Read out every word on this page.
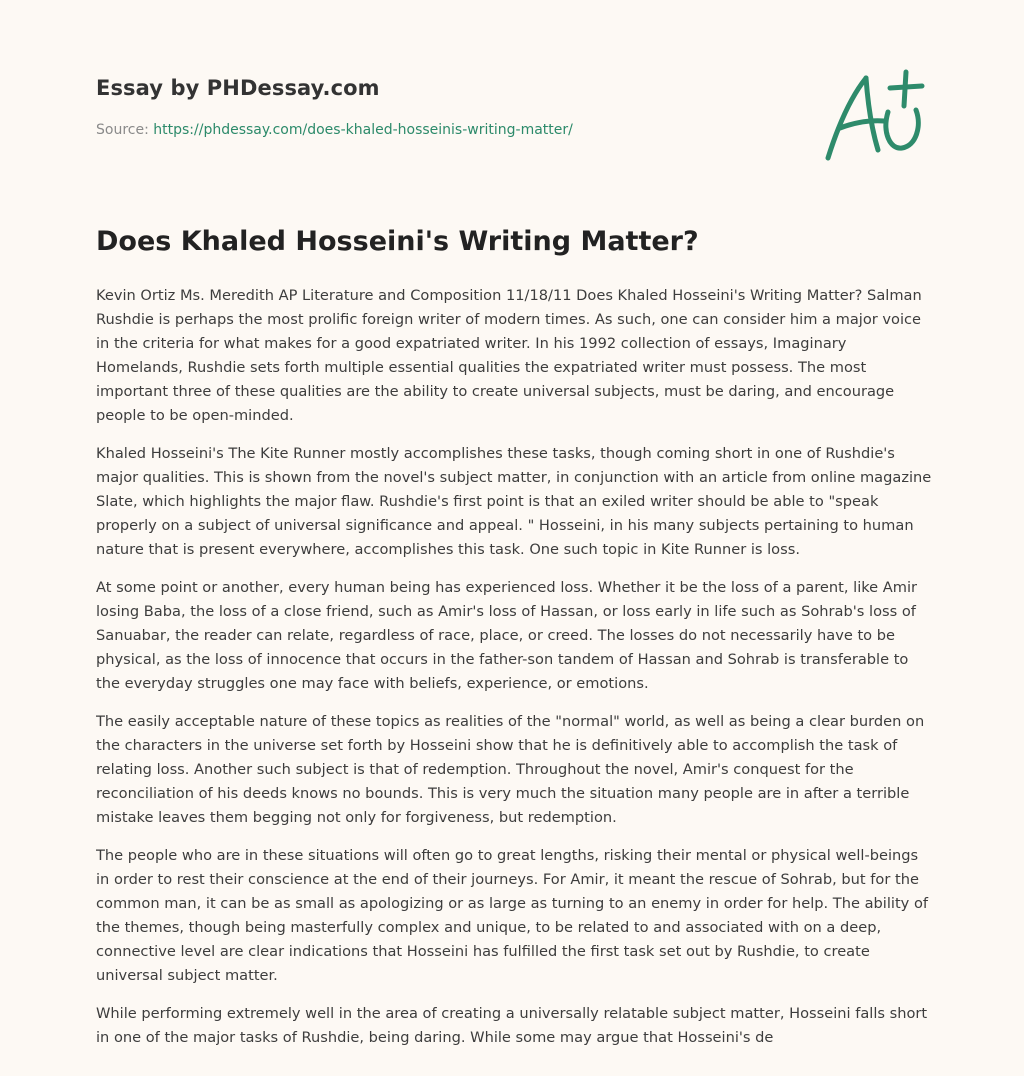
Essay by PHDessay.com
Source: https://phdessay.com/does-khaled-hosseinis-writing-matter/
Does Khaled Hosseini's Writing Matter?

Kevin Ortiz Ms. Meredith AP Literature and Composition 11/18/11 Does Khaled Hosseini's Writing Matter? Salman Rushdie is perhaps the most prolific foreign writer of modern times. As such, one can consider him a major voice in the criteria for what makes for a good expatriated writer. In his 1992 collection of essays, Imaginary Homelands, Rushdie sets forth multiple essential qualities the expatriated writer must possess. The most important three of these qualities are the ability to create universal subjects, must be daring, and encourage people to be open-minded.

Khaled Hosseini's The Kite Runner mostly accomplishes these tasks, though coming short in one of Rushdie's major qualities. This is shown from the novel's subject matter, in conjunction with an article from online magazine Slate, which highlights the major flaw. Rushdie's first point is that an exiled writer should be able to "speak properly on a subject of universal significance and appeal. " Hosseini, in his many subjects pertaining to human nature that is present everywhere, accomplishes this task. One such topic in Kite Runner is loss.

At some point or another, every human being has experienced loss. Whether it be the loss of a parent, like Amir losing Baba, the loss of a close friend, such as Amir's loss of Hassan, or loss early in life such as Sohrab's loss of Sanuabar, the reader can relate, regardless of race, place, or creed. The losses do not necessarily have to be physical, as the loss of innocence that occurs in the father-son tandem of Hassan and Sohrab is transferable to the everyday struggles one may face with beliefs, experience, or emotions.

The easily acceptable nature of these topics as realities of the "normal" world, as well as being a clear burden on the characters in the universe set forth by Hosseini show that he is definitively able to accomplish the task of relating loss. Another such subject is that of redemption. Throughout the novel, Amir's conquest for the reconciliation of his deeds knows no bounds. This is very much the situation many people are in after a terrible mistake leaves them begging not only for forgiveness, but redemption.

The people who are in these situations will often go to great lengths, risking their mental or physical well-beings in order to rest their conscience at the end of their journeys. For Amir, it meant the rescue of Sohrab, but for the common man, it can be as small as apologizing or as large as turning to an enemy in order for help. The ability of the themes, though being masterfully complex and unique, to be related to and associated with on a deep, connective level are clear indications that Hosseini has fulfilled the first task set out by Rushdie, to create universal subject matter.

While performing extremely well in the area of creating a universally relatable subject matter, Hosseini falls short in one of the major tasks of Rushdie, being daring. While some may argue that Hosseini's de
